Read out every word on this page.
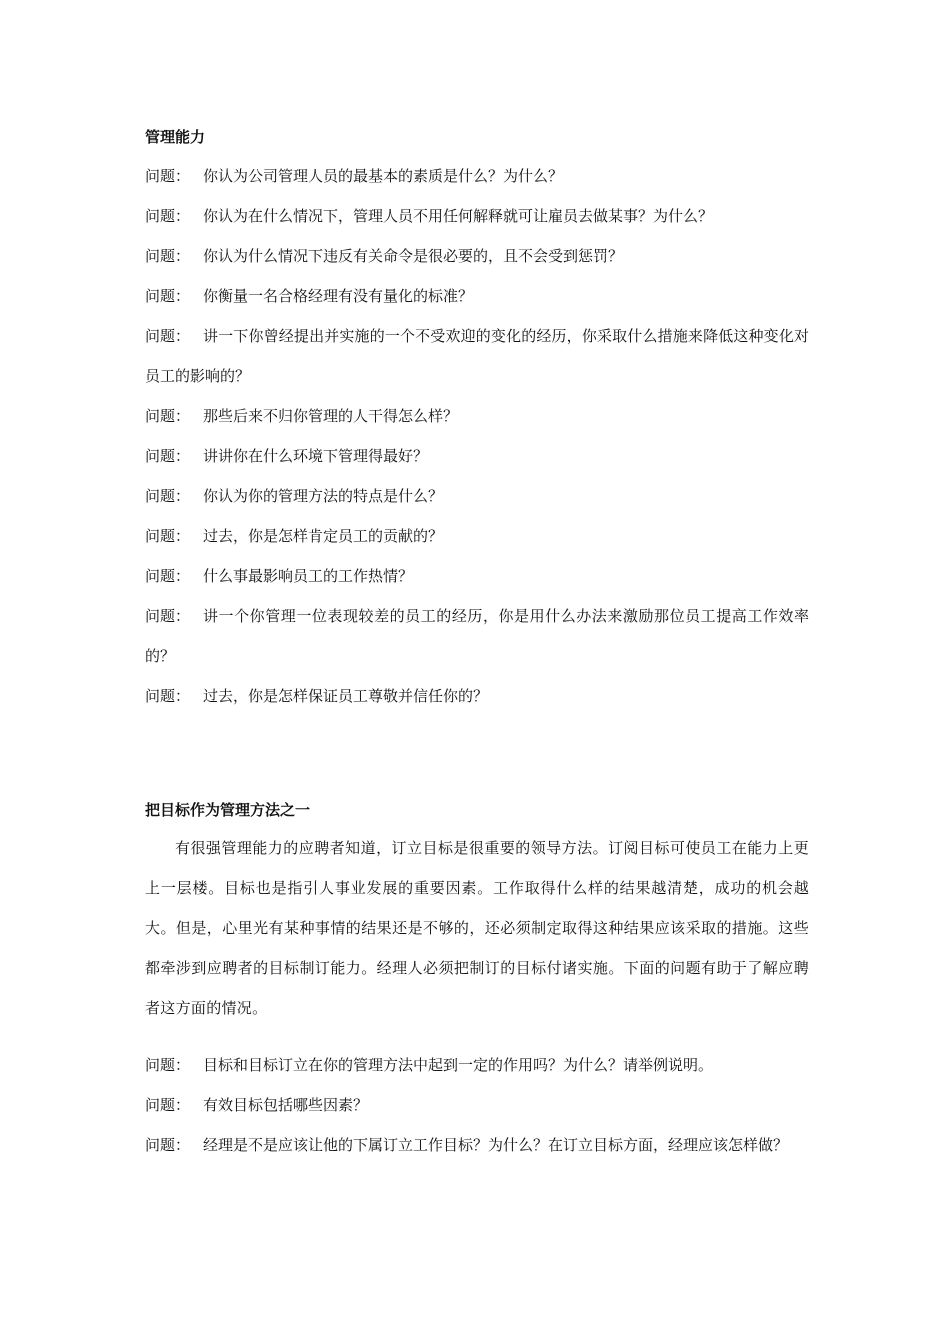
管理能力
问题： 你认为公司管理人员的最基本的素质是什么？为什么？
问题： 你认为在什么情况下，管理人员不用任何解释就可让雇员去做某事？为什么？
问题： 你认为什么情况下违反有关命令是很必要的，且不会受到惩罚？
问题： 你衡量一名合格经理有没有量化的标准？
问题： 讲一下你曾经提出并实施的一个不受欢迎的变化的经历，你采取什么措施来降低这种变化对员工的影响的？
问题： 那些后来不归你管理的人干得怎么样？
问题： 讲讲你在什么环境下管理得最好？
问题： 你认为你的管理方法的特点是什么？
问题： 过去，你是怎样肯定员工的贡献的？
问题： 什么事最影响员工的工作热情？
问题： 讲一个你管理一位表现较差的员工的经历，你是用什么办法来激励那位员工提高工作效率的？
问题： 过去，你是怎样保证员工尊敬并信任你的？
把目标作为管理方法之一
有很强管理能力的应聘者知道，订立目标是很重要的领导方法。订阅目标可使员工在能力上更上一层楼。目标也是指引人事业发展的重要因素。工作取得什么样的结果越清楚，成功的机会越大。但是，心里光有某种事情的结果还是不够的，还必须制定取得这种结果应该采取的措施。这些都牵涉到应聘者的目标制订能力。经理人必须把制订的目标付诸实施。下面的问题有助于了解应聘者这方面的情况。
问题： 目标和目标订立在你的管理方法中起到一定的作用吗？为什么？请举例说明。
问题： 有效目标包括哪些因素？
问题： 经理是不是应该让他的下属订立工作目标？为什么？在订立目标方面，经理应该怎样做？
